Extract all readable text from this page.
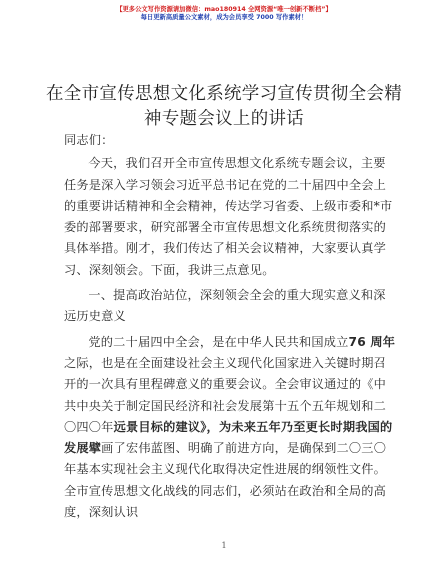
【更多公文写作资源请加微信：mao180914 全网资源“唯一创新不断档”】
每日更新高质量公文素材，成为会员享受 7000 写作素材！
在全市宣传思想文化系统学习宣传贯彻全会精神专题会议上的讲话

同志们：

今天，我们召开全市宣传思想文化系统专题会议，主要任务是深入学习领会习近平总书记在党的二十届四中全会上的重要讲话精神和全会精神，传达学习省委、上级市委和*市委的部署要求，研究部署全市宣传思想文化系统贯彻落实的具体举措。刚才，我们传达了相关会议精神，大家要认真学习、深刻领会。下面，我讲三点意见。

一、提高政治站位，深刻领会全会的重大现实意义和深远历史意义

党的二十届四中全会，是在中华人民共和国成立76 周年之际，也是在全面建设社会主义现代化国家进入关键时期召开的一次具有里程碑意义的重要会议。全会审议通过的《中共中央关于制定国民经济和社会发展第十五个五年规划和二〇四〇年远景目标的建议》，为未来五年乃至更长时期我国的发展擘画了宏伟蓝图、明确了前进方向，是确保到二〇三〇年基本实现社会主义现代化取得决定性进展的纲领性文件。全市宣传思想文化战线的同志们，必须站在政治和全局的高度，深刻认识

1
